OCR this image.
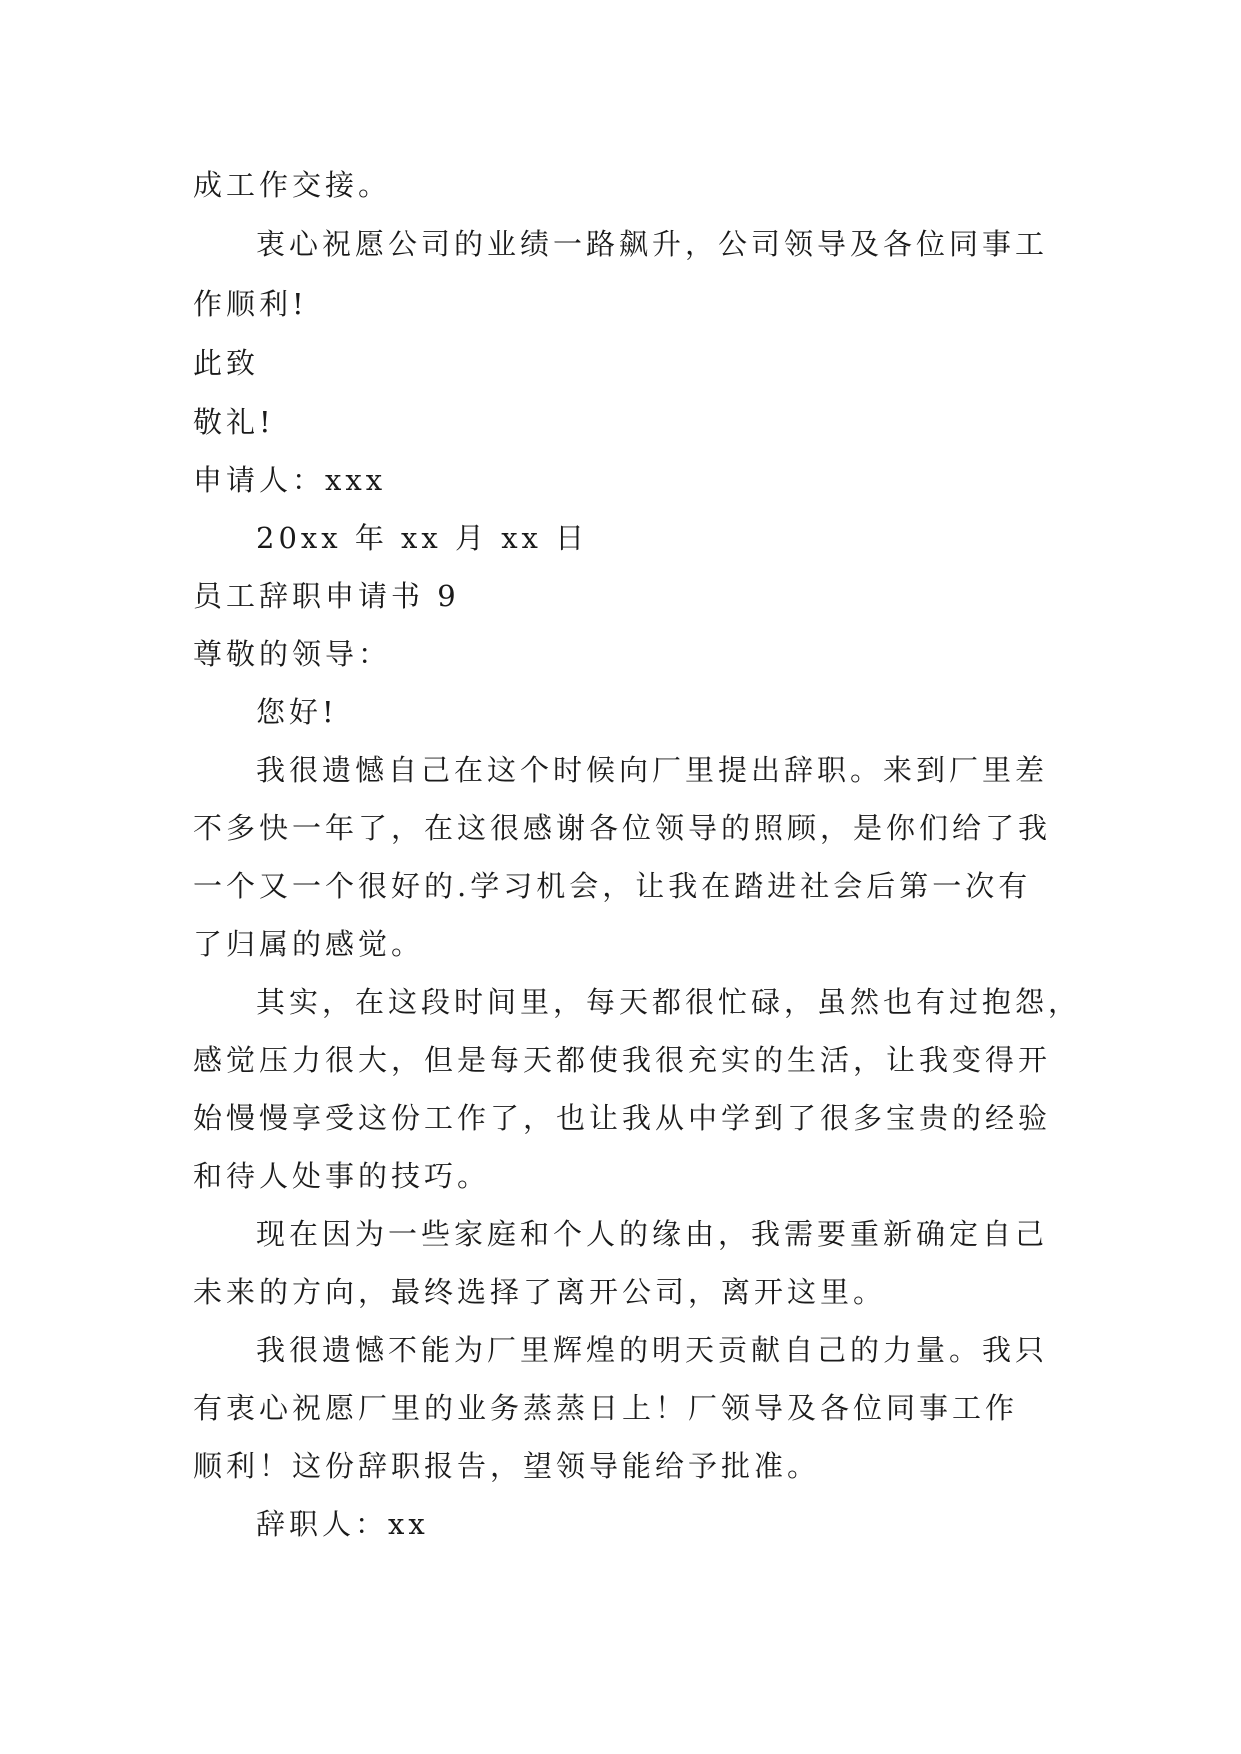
成工作交接。
衷心祝愿公司的业绩一路飙升，公司领导及各位同事工
作顺利!
此致
敬礼!
申请人：xxx
20xx 年 xx 月 xx 日
员工辞职申请书 9
尊敬的领导：
您好!
我很遗憾自己在这个时候向厂里提出辞职。来到厂里差
不多快一年了，在这很感谢各位领导的照顾，是你们给了我
一个又一个很好的.学习机会，让我在踏进社会后第一次有
了归属的感觉。
其实，在这段时间里，每天都很忙碌，虽然也有过抱怨，
感觉压力很大，但是每天都使我很充实的生活，让我变得开
始慢慢享受这份工作了，也让我从中学到了很多宝贵的经验
和待人处事的技巧。
现在因为一些家庭和个人的缘由，我需要重新确定自己
未来的方向，最终选择了离开公司，离开这里。
我很遗憾不能为厂里辉煌的明天贡献自己的力量。我只
有衷心祝愿厂里的业务蒸蒸日上！厂领导及各位同事工作
顺利！这份辞职报告，望领导能给予批准。
辞职人：xx
